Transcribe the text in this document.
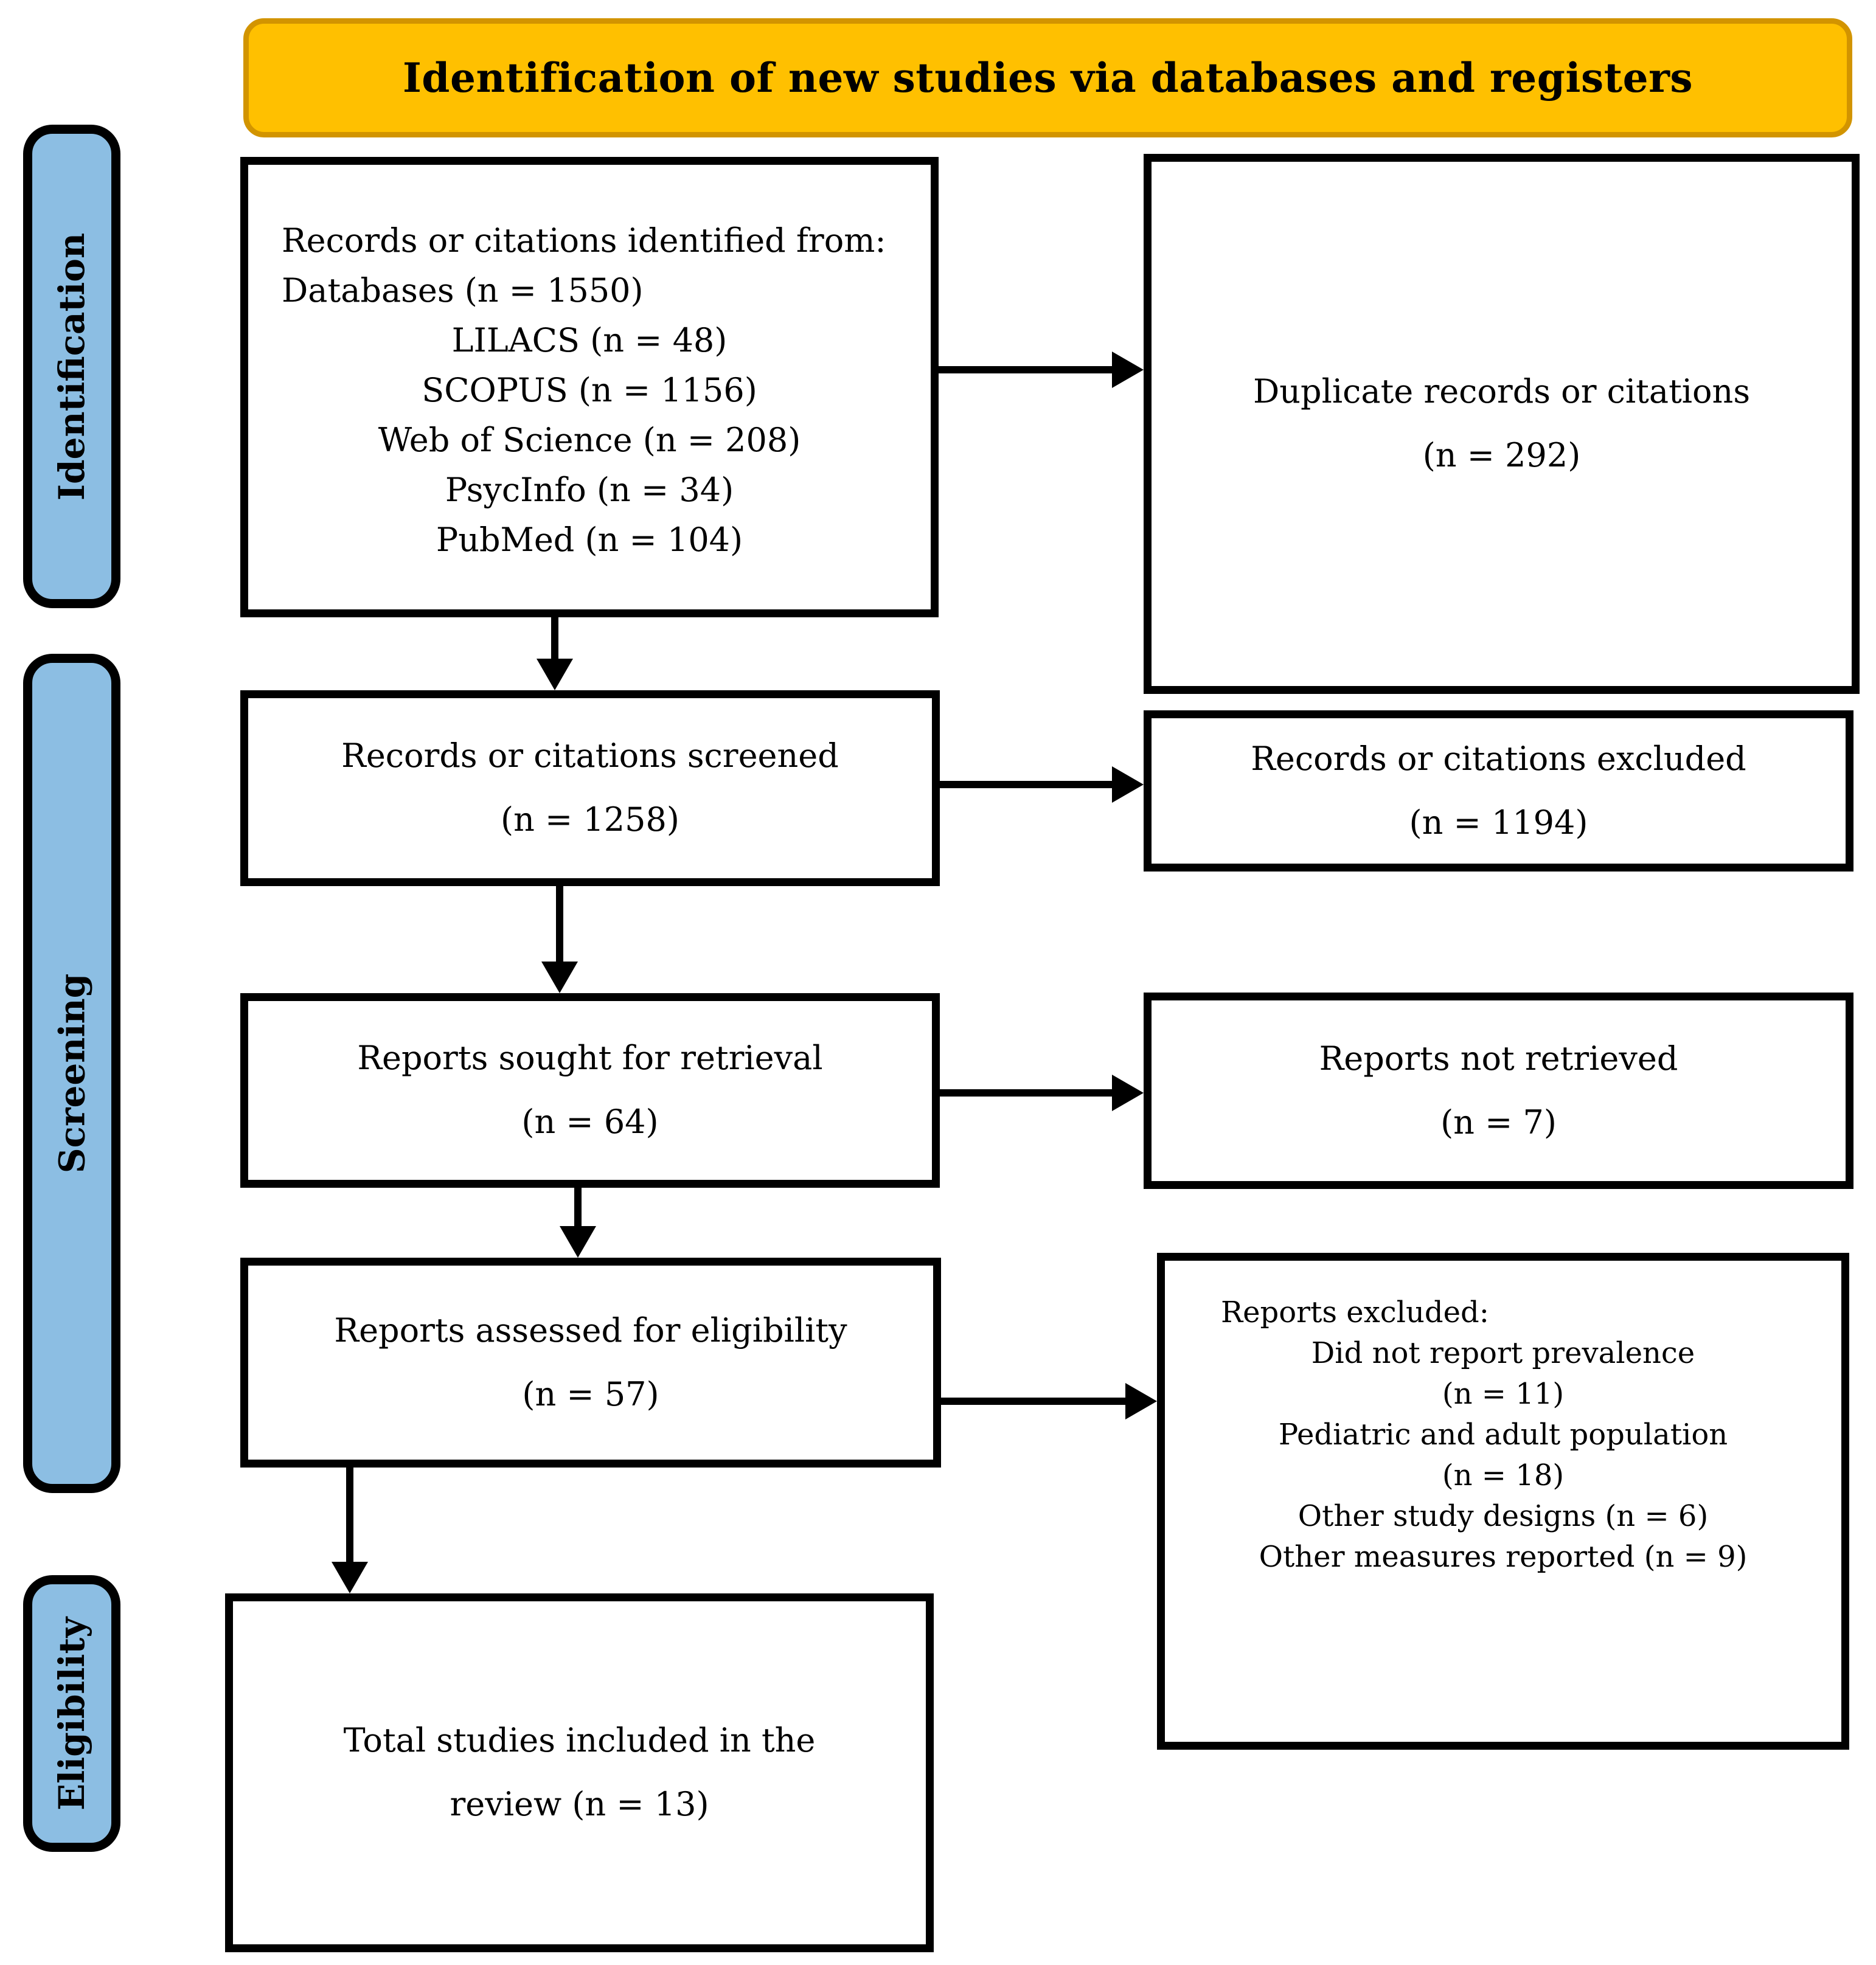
Identification of new studies via databases and registers
Identification
Screening
Eligibility

Records or citations identified from:

Databases (n = 1550)

LILACS (n = 48)

SCOPUS (n = 1156)

Web of Science (n = 208)

PsycInfo (n = 34)

PubMed (n = 104)

Duplicate records or citations

(n = 292)

Records or citations screened

(n = 1258)

Records or citations excluded

(n = 1194)

Reports sought for retrieval

(n = 64)

Reports not retrieved

(n = 7)

Reports assessed for eligibility

(n = 57)

Reports excluded:

Did not report prevalence

(n = 11)

Pediatric and adult population

(n = 18)

Other study designs (n = 6)

Other measures reported (n = 9)

Total studies included in the

review (n = 13)
